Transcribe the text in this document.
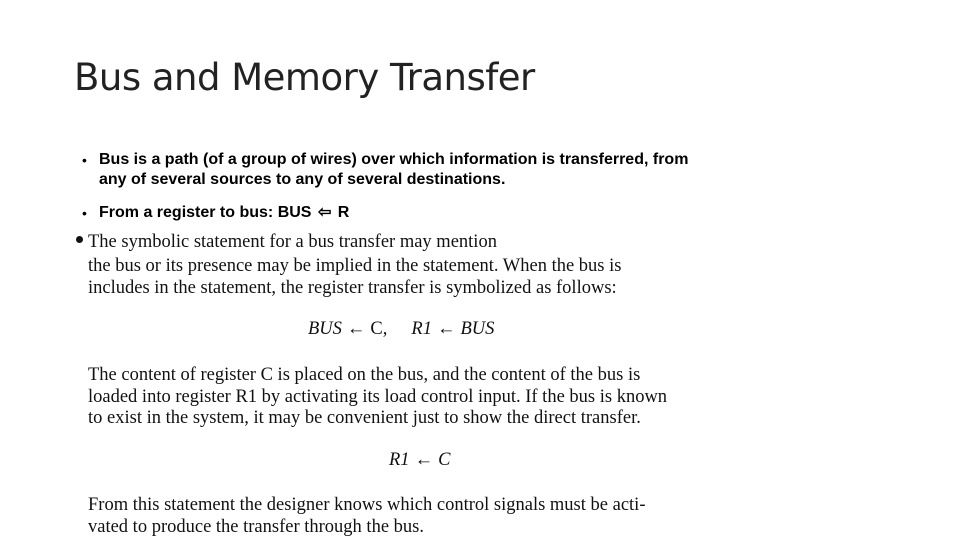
Bus and Memory Transfer
• Bus is a path (of a group of wires) over which information is transferred, from
any of several sources to any of several destinations.
• From a register to bus: BUS ⇦ R
The symbolic statement for a bus transfer may mention
the bus or its presence may be implied in the statement. When the bus is
includes in the statement, the register transfer is symbolized as follows:
BUS ← C, R1 ← BUS
The content of register C is placed on the bus, and the content of the bus is
loaded into register R1 by activating its load control input. If the bus is known
to exist in the system, it may be convenient just to show the direct transfer.
R1 ← C
From this statement the designer knows which control signals must be acti-
vated to produce the transfer through the bus.
